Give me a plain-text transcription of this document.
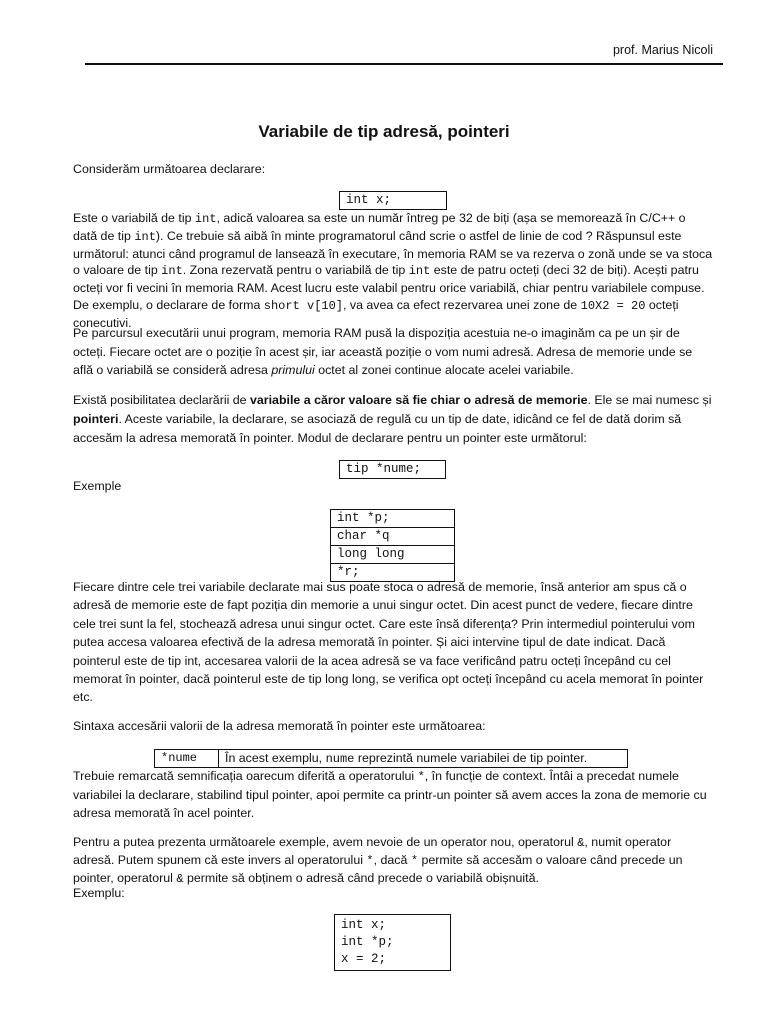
prof. Marius Nicoli
Variabile de tip adresă, pointeri
Considerăm următoarea declarare:
int x;
Este o variabilă de tip int, adică valoarea sa este un număr întreg pe 32 de biți (așa se memorează în C/C++ o dată de tip int). Ce trebuie să aibă în minte programatorul când scrie o astfel de linie de cod ? Răspunsul este următorul: atunci când programul de lansează în executare, în memoria RAM se va rezerva o zonă unde se va stoca o valoare de tip int. Zona rezervată pentru o variabilă de tip int este de patru octeți (deci 32 de biți). Acești patru octeți vor fi vecini în memoria RAM. Acest lucru este valabil pentru orice variabilă, chiar pentru variabilele compuse. De exemplu, o declarare de forma short v[10], va avea ca efect rezervarea unei zone de 10X2 = 20 octeți conecutivi.
Pe parcursul executării unui program, memoria RAM pusă la dispoziția acestuia ne-o imaginăm ca pe un șir de octeți. Fiecare octet are o poziție în acest șir, iar această poziție o vom numi adresă. Adresa de memorie unde se află o variabilă se consideră adresa primului octet al zonei continue alocate acelei variabile.
Există posibilitatea declarării de variabile a căror valoare să fie chiar o adresă de memorie. Ele se mai numesc și pointeri. Aceste variabile, la declarare, se asociază de regulă cu un tip de date, idicând ce fel de dată dorim să accesăm la adresa memorată în pointer. Modul de declarare pentru un pointer este următorul:
tip *nume;
Exemple
int *p;
char *q
long long
*r;
Fiecare dintre cele trei variabile declarate mai sus poate stoca o adresă de memorie, însă anterior am spus că o adresă de memorie este de fapt poziția din memorie a unui singur octet. Din acest punct de vedere, fiecare dintre cele trei sunt la fel, stochează adresa unui singur octet. Care este însă diferența? Prin intermediul pointerului vom putea accesa valoarea efectivă de la adresa memorată în pointer. Și aici intervine tipul de date indicat. Dacă pointerul este de tip int, accesarea valorii de la acea adresă se va face verificând patru octeți începând cu cel memorat în pointer, dacă pointerul este de tip long long, se verifica opt octeți începând cu acela memorat în pointer etc.
Sintaxa accesării valorii de la adresa memorată în pointer este următoarea:
*nume	În acest exemplu, nume reprezintă numele variabilei de tip pointer.
Trebuie remarcată semnificația oarecum diferită a operatorului *, în funcție de context. Întâi a precedat numele variabilei la declarare, stabilind tipul pointer, apoi permite ca printr-un pointer să avem acces la zona de memorie cu adresa memorată în acel pointer.
Pentru a putea prezenta următoarele exemple, avem nevoie de un operator nou, operatorul &, numit operator adresă. Putem spunem că este invers al operatorului *, dacă * permite să accesăm o valoare când precede un pointer, operatorul & permite să obținem o adresă când precede o variabilă obișnuită.
Exemplu:
int x;
int *p;
x = 2;
